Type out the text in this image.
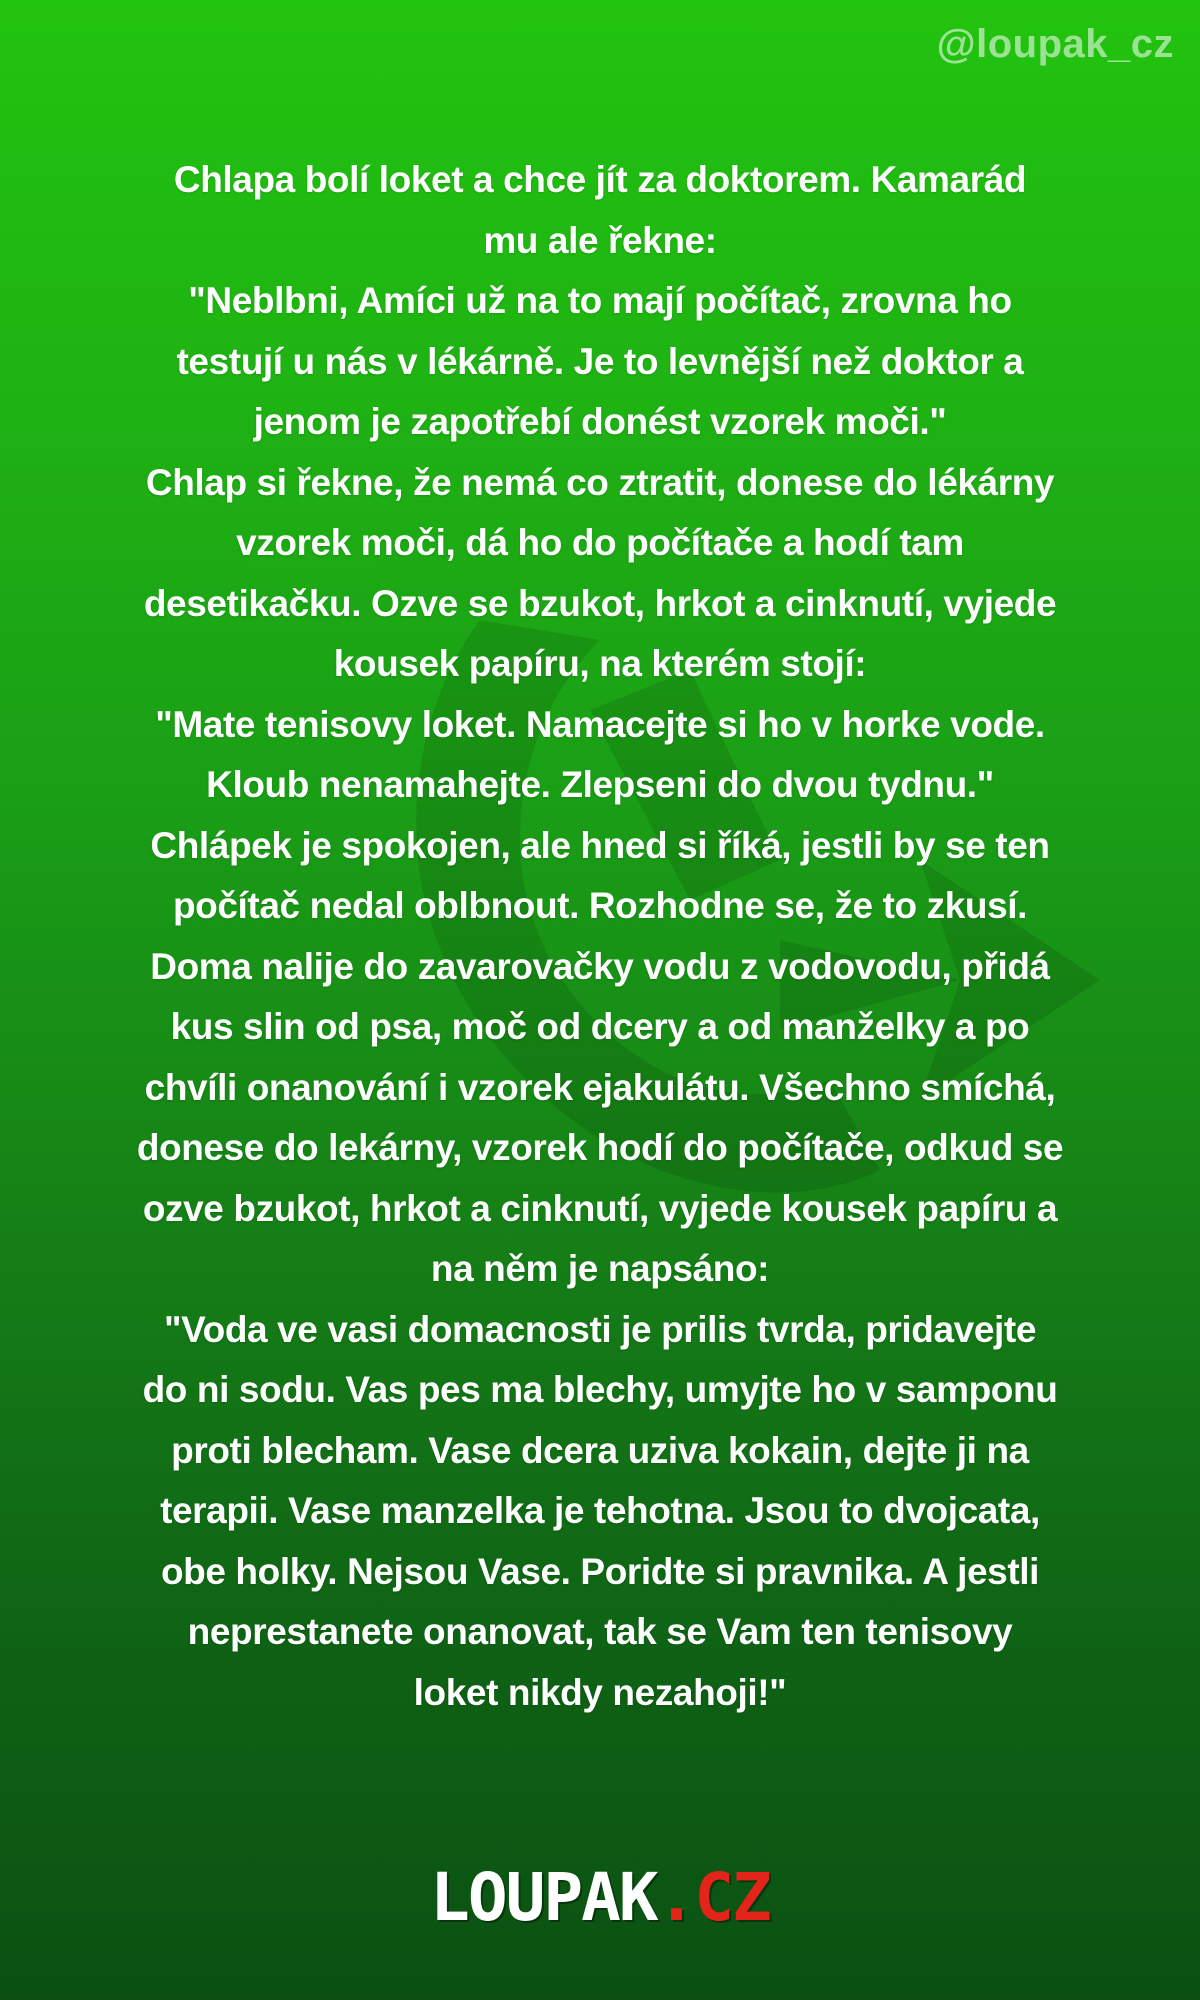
@loupak_cz
Chlapa bolí loket a chce jít za doktorem. Kamarád
mu ale řekne:
"Neblbni, Amíci už na to mají počítač, zrovna ho
testují u nás v lékárně. Je to levnější než doktor a
jenom je zapotřebí donést vzorek moči."
Chlap si řekne, že nemá co ztratit, donese do lékárny
vzorek moči, dá ho do počítače a hodí tam
desetikačku. Ozve se bzukot, hrkot a cinknutí, vyjede
kousek papíru, na kterém stojí:
"Mate tenisovy loket. Namacejte si ho v horke vode.
Kloub nenamahejte. Zlepseni do dvou tydnu."
Chlápek je spokojen, ale hned si říká, jestli by se ten
počítač nedal oblbnout. Rozhodne se, že to zkusí.
Doma nalije do zavarovačky vodu z vodovodu, přidá
kus slin od psa, moč od dcery a od manželky a po
chvíli onanování i vzorek ejakulátu. Všechno smíchá,
donese do lekárny, vzorek hodí do počítače, odkud se
ozve bzukot, hrkot a cinknutí, vyjede kousek papíru a
na něm je napsáno:
"Voda ve vasi domacnosti je prilis tvrda, pridavejte
do ni sodu. Vas pes ma blechy, umyjte ho v samponu
proti blecham. Vase dcera uziva kokain, dejte ji na
terapii. Vase manzelka je tehotna. Jsou to dvojcata,
obe holky. Nejsou Vase. Poridte si pravnika. A jestli
neprestanete onanovat, tak se Vam ten tenisovy
loket nikdy nezahoji!"
LOUPAK.CZ
